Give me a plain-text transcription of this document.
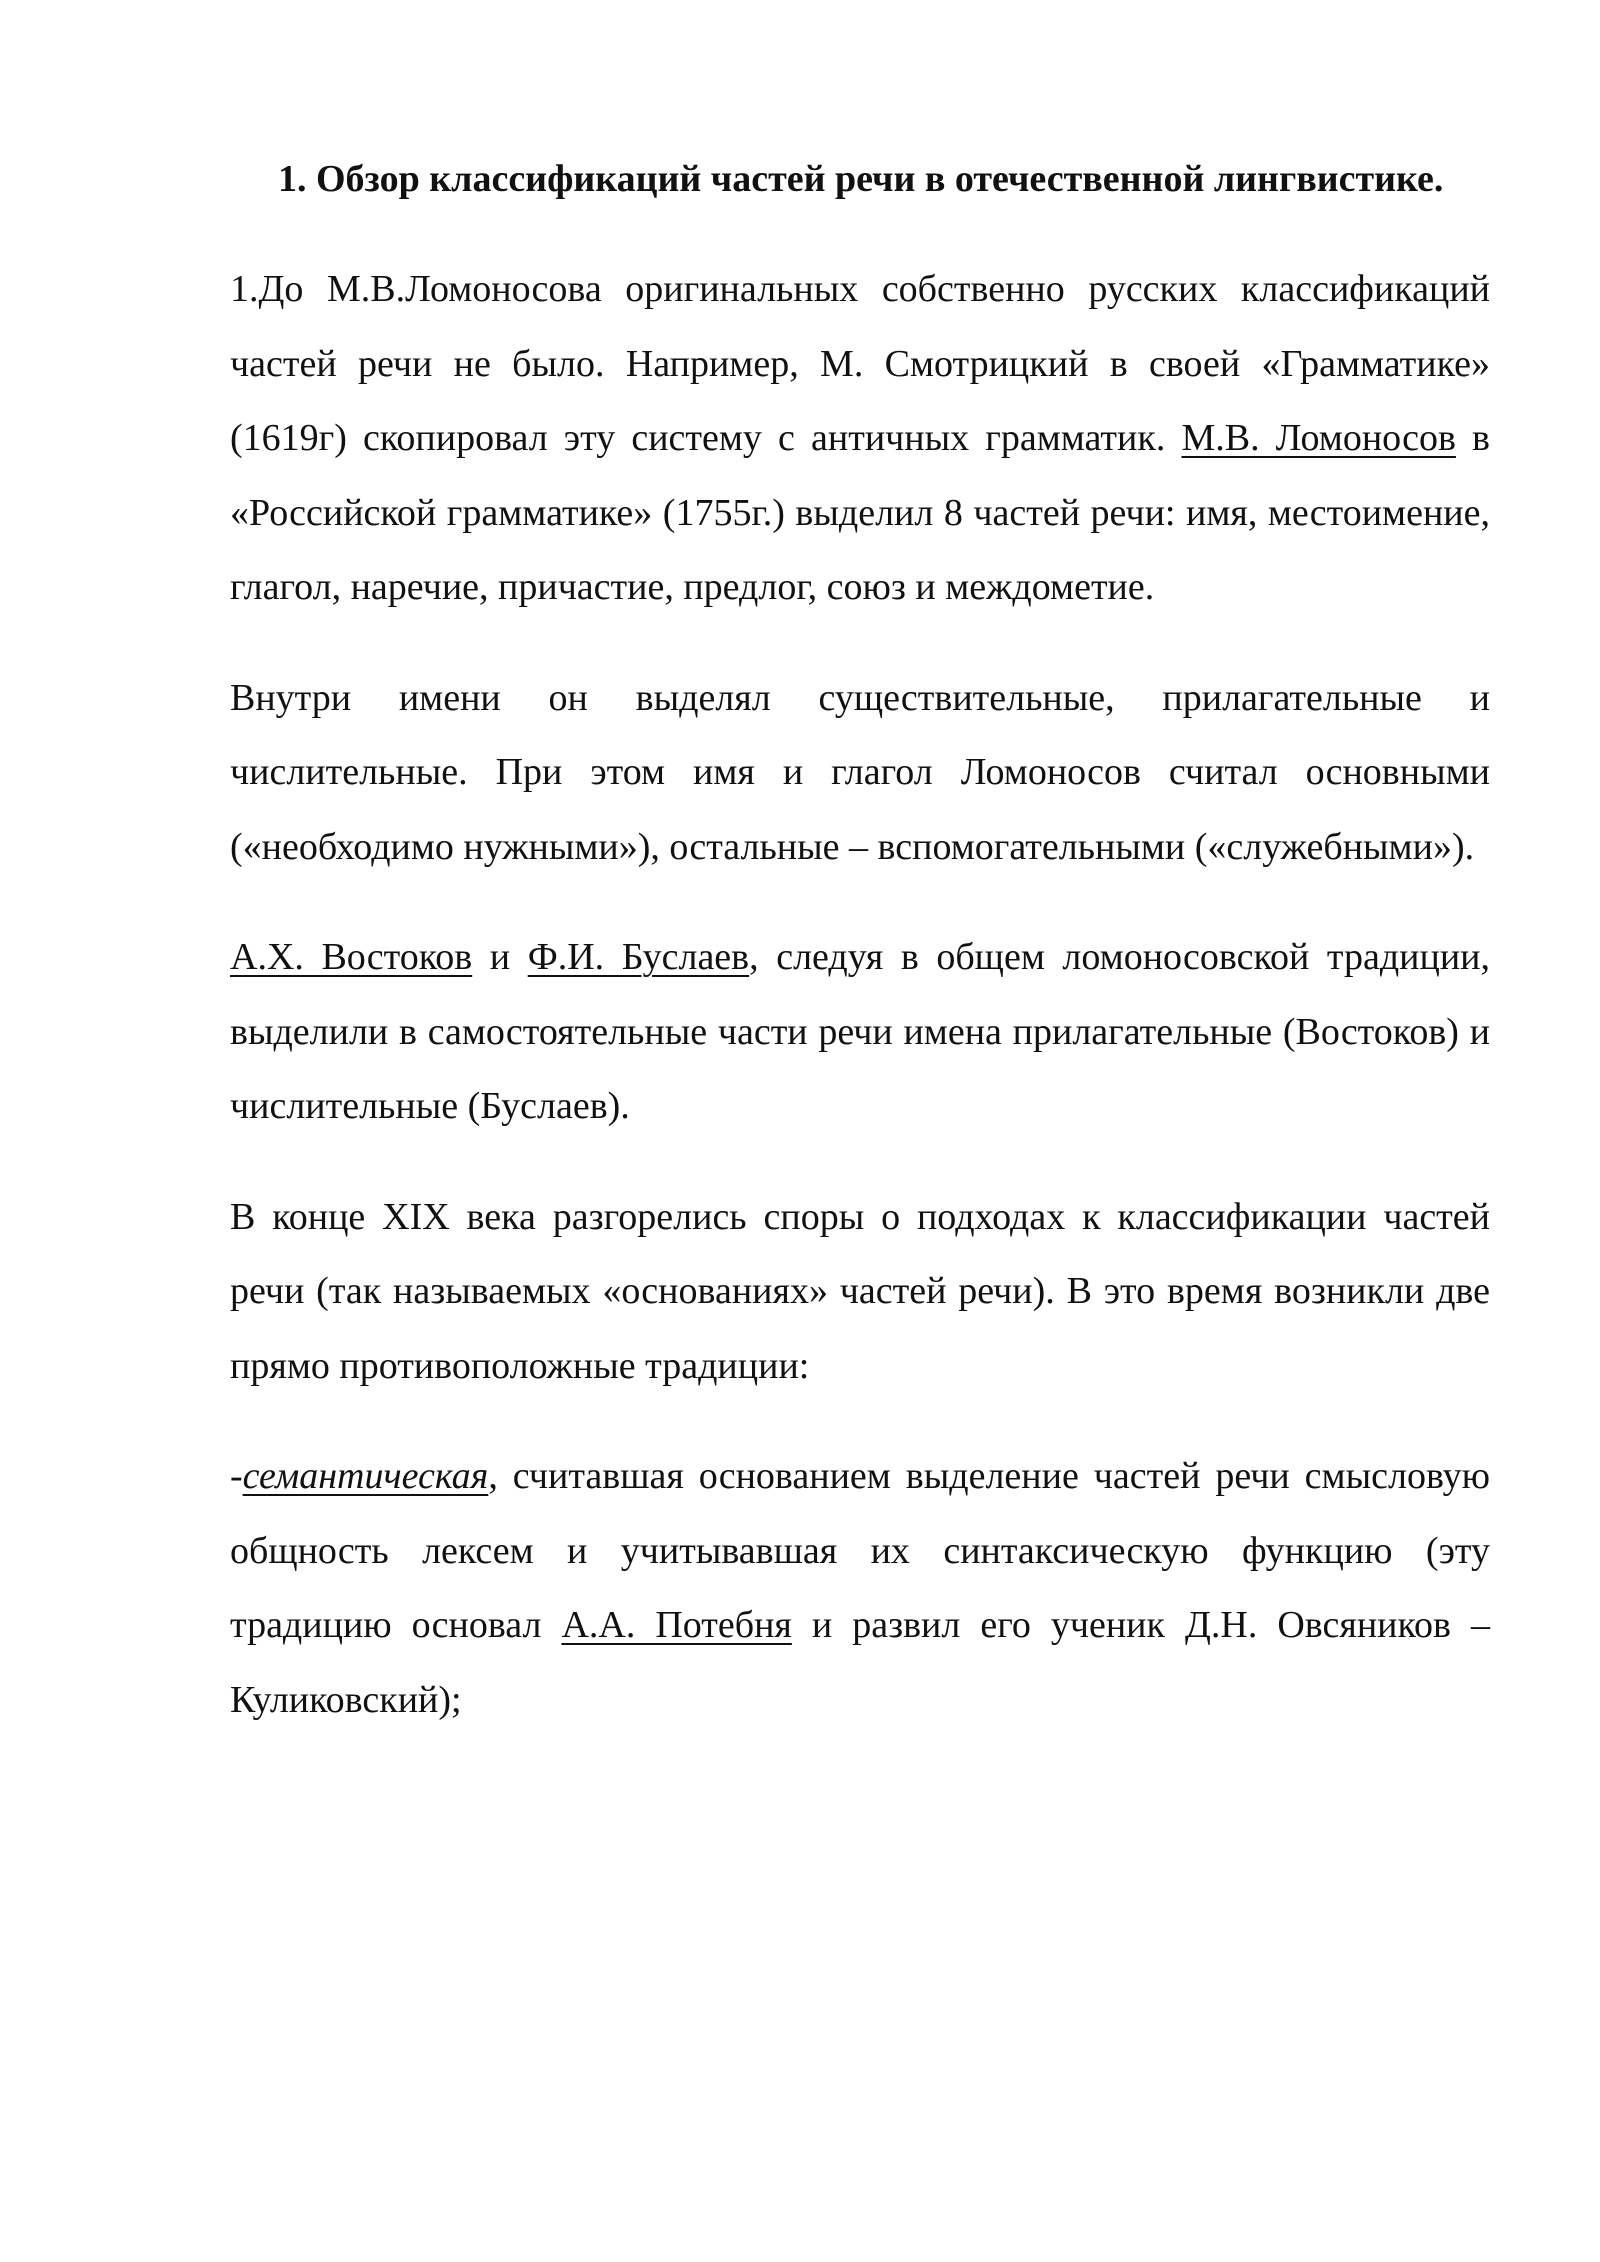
1. Обзор классификаций частей речи в отечественной лингвистике.

1.До М.В.Ломоносова оригинальных собственно русских классификаций частей речи не было. Например, М. Смотрицкий в своей «Грамматике» (1619г) скопировал эту систему с античных грамматик. М.В. Ломоносов в «Российской грамматике» (1755г.) выделил 8 частей речи: имя, местоимение, глагол, наречие, причастие, предлог, союз и междометие.

Внутри имени он выделял существительные, прилагательные и числительные. При этом имя и глагол Ломоносов считал основными («необходимо нужными»), остальные – вспомогательными («служебными»).

А.Х. Востоков и Ф.И. Буслаев, следуя в общем ломоносовской традиции, выделили в самостоятельные части речи имена прилагательные (Востоков) и числительные (Буслаев).

В конце XIX века разгорелись споры о подходах к классификации частей речи (так называемых «основаниях» частей речи). В это время возникли две прямо противоположные традиции:

-семантическая, считавшая основанием выделение частей речи смысловую общность лексем и учитывавшая их синтаксическую функцию (эту традицию основал А.А. Потебня и развил его ученик Д.Н. Овсяников – Куликовский);
